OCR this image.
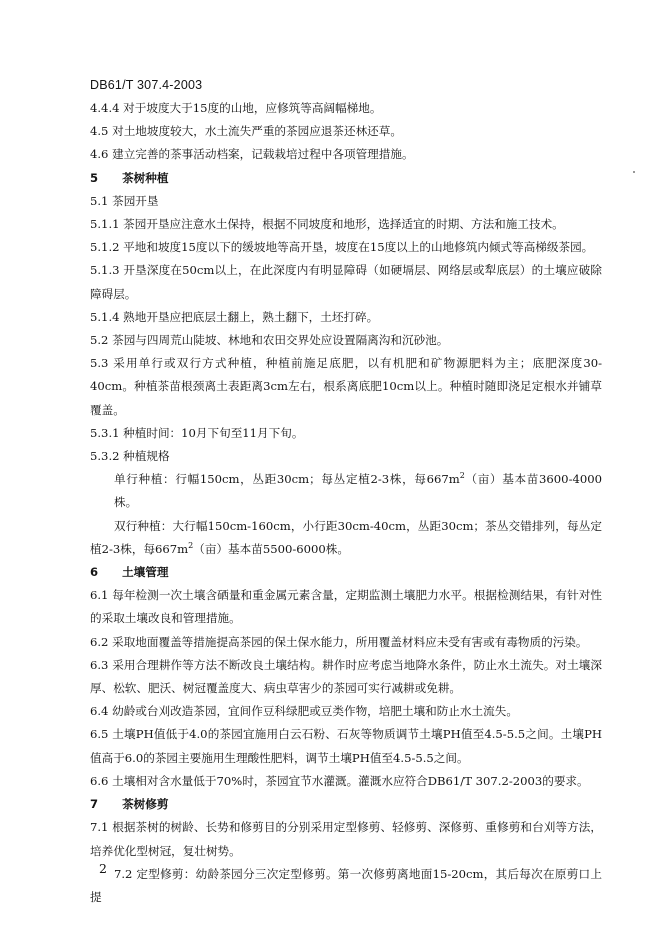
DB61/T 307.4-2003

4.4.4 对于坡度大于15度的山地，应修筑等高阔幅梯地。

4.5 对土地坡度较大，水土流失严重的茶园应退茶还林还草。

4.6 建立完善的茶事活动档案，记载栽培过程中各项管理措施。

5 茶树种植

5.1 茶园开垦

5.1.1 茶园开垦应注意水土保持，根据不同坡度和地形，选择适宜的时期、方法和施工技术。

5.1.2 平地和坡度15度以下的缓坡地等高开垦，坡度在15度以上的山地修筑内倾式等高梯级茶园。

5.1.3 开垦深度在50cm以上，在此深度内有明显障碍（如硬塥层、网络层或犁底层）的土壤应破除障碍层。

5.1.4 熟地开垦应把底层土翻上，熟土翻下，土坯打碎。

5.2 茶园与四周荒山陡坡、林地和农田交界处应设置隔离沟和沉砂池。

5.3 采用单行或双行方式种植，种植前施足底肥，以有机肥和矿物源肥料为主；底肥深度30-40cm。种植茶苗根颈离土表距离3cm左右，根系离底肥10cm以上。种植时随即浇足定根水并铺草覆盖。

5.3.1 种植时间：10月下旬至11月下旬。

5.3.2 种植规格

单行种植：行幅150cm，丛距30cm；每丛定植2-3株，每$667m^2$（亩）基本苗3600-4000株。

双行种植：大行幅150cm-160cm，小行距30cm-40cm，丛距30cm；茶丛交错排列，每丛定植2-3株，每$667m^2$（亩）基本苗5500-6000株。

6 土壤管理

6.1 每年检测一次土壤含硒量和重金属元素含量，定期监测土壤肥力水平。根据检测结果，有针对性的采取土壤改良和管理措施。

6.2 采取地面覆盖等措施提高茶园的保土保水能力，所用覆盖材料应未受有害或有毒物质的污染。

6.3 采用合理耕作等方法不断改良土壤结构。耕作时应考虑当地降水条件，防止水土流失。对土壤深厚、松软、肥沃、树冠覆盖度大、病虫草害少的茶园可实行减耕或免耕。

6.4 幼龄或台刈改造茶园，宜间作豆科绿肥或豆类作物，培肥土壤和防止水土流失。

6.5 土壤PH值低于4.0的茶园宜施用白云石粉、石灰等物质调节土壤PH值至4.5-5.5之间。土壤PH值高于6.0的茶园主要施用生理酸性肥料，调节土壤PH值至4.5-5.5之间。

6.6 土壤相对含水量低于70%时，茶园宜节水灌溉。灌溉水应符合DB61/T 307.2-2003的要求。

7 茶树修剪

7.1 根据茶树的树龄、长势和修剪目的分别采用定型修剪、轻修剪、深修剪、重修剪和台刈等方法，培养优化型树冠，复壮树势。

7.2 定型修剪：幼龄茶园分三次定型修剪。第一次修剪离地面15-20cm，其后每次在原剪口上提

2
